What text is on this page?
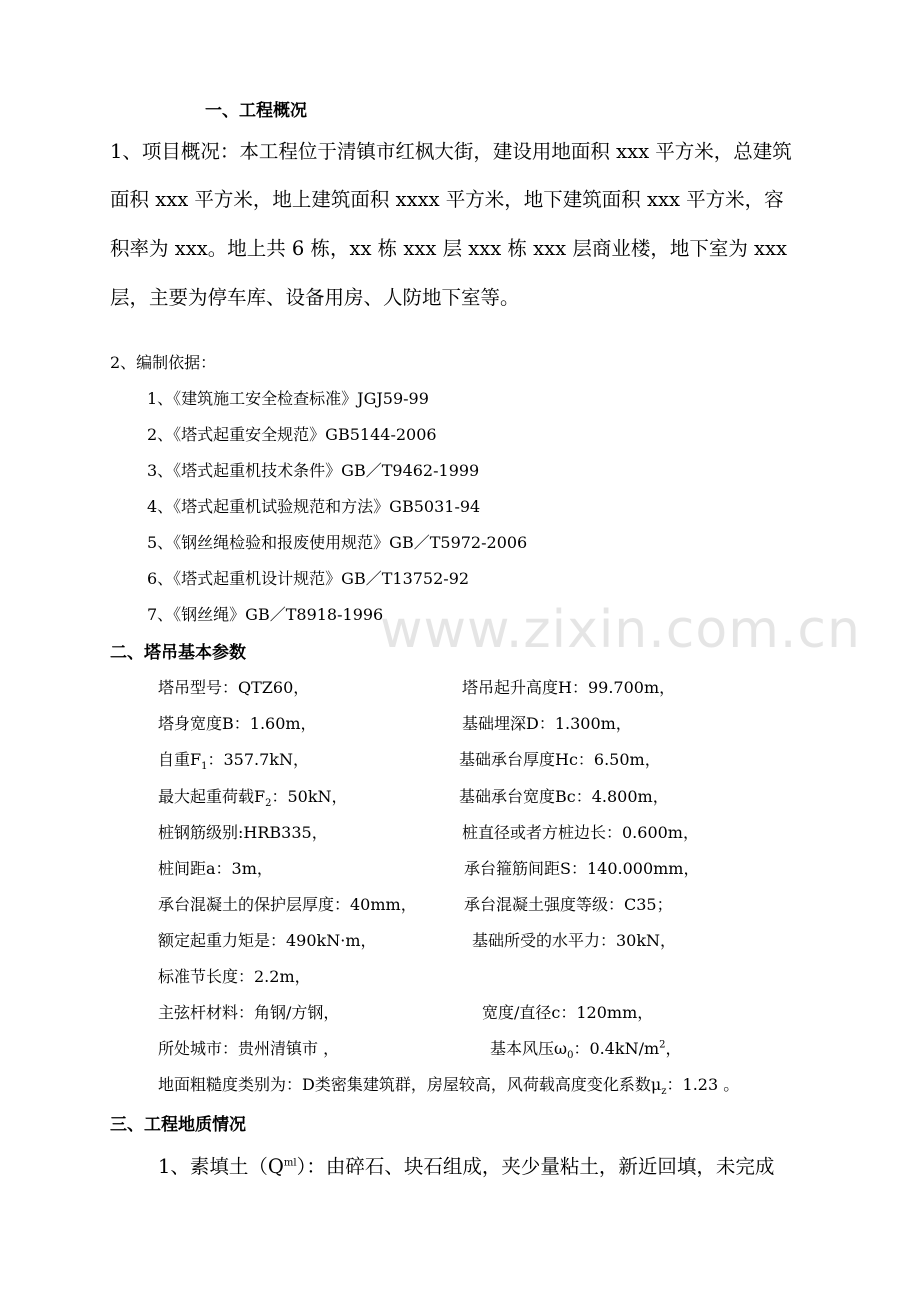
www.zixin.com.cn
一、工程概况
1、项目概况：本工程位于清镇市红枫大街，建设用地面积 xxx 平方米，总建筑
面积 xxx 平方米，地上建筑面积 xxxx 平方米，地下建筑面积 xxx 平方米，容
积率为 xxx。地上共 6 栋，xx 栋 xxx 层 xxx 栋 xxx 层商业楼，地下室为 xxx
层，主要为停车库、设备用房、人防地下室等。
2、编制依据：
1、《建筑施工安全检查标准》JGJ59-99
2、《塔式起重安全规范》GB5144-2006
3、《塔式起重机技术条件》GB／T9462-1999
4、《塔式起重机试验规范和方法》GB5031-94
5、《钢丝绳检验和报废使用规范》GB／T5972-2006
6、《塔式起重机设计规范》GB／T13752-92
7、《钢丝绳》GB／T8918-1996
二、塔吊基本参数
塔吊型号：QTZ60，	塔吊起升高度H：99.700m，
塔身宽度B：1.60m，	基础埋深D：1.300m，
自重$F_1$：357.7kN，	基础承台厚度Hc：6.50m，
最大起重荷载$F_2$：50kN，	基础承台宽度Bc：4.800m，
桩钢筋级别:HRB335，	桩直径或者方桩边长：0.600m，
桩间距a：3m，	承台箍筋间距S：140.000mm，
承台混凝土的保护层厚度：40mm，	承台混凝土强度等级：C35；
额定起重力矩是：490kN·m，	基础所受的水平力：30kN，
标准节长度：2.2m，
主弦杆材料：角钢/方钢，	宽度/直径c：120mm，
所处城市：贵州清镇市 ，	基本风压$\omega_0$：$0.4kN/m^2$，
地面粗糙度类别为：D类密集建筑群，房屋较高，风荷载高度变化系数$\mu_z$：1.23 。
三、工程地质情况
1、素填土$(Q^{ml})$：由碎石、块石组成，夹少量粘土，新近回填，未完成
